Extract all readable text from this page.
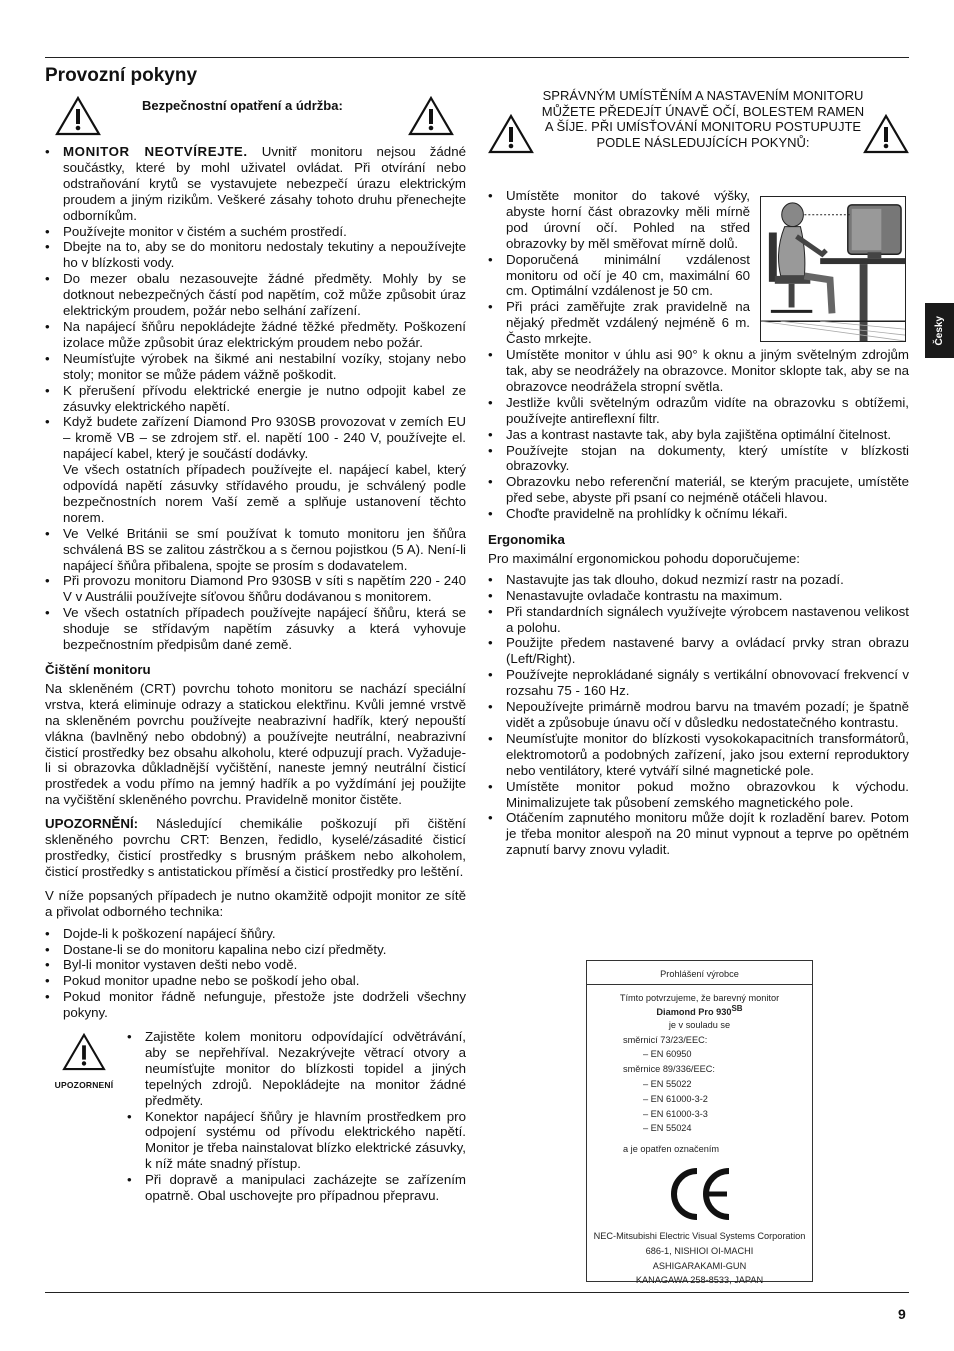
Provozní pokyny
Bezpečnostní opatření a údržba:
• MONITOR NEOTVÍREJTE. Uvnitř monitoru nejsou žádné součástky, které by mohl uživatel ovládat. Při otvírání nebo odstraňování krytů se vystavujete nebezpečí úrazu elektrickým proudem a jiným rizikům. Veškeré zásahy tohoto druhu přenechejte odborníkům.
• Používejte monitor v čistém a suchém prostředí.
• Dbejte na to, aby se do monitoru nedostaly tekutiny a nepoužívejte ho v blízkosti vody.
• Do mezer obalu nezasouvejte žádné předměty. Mohly by se dotknout nebezpečných částí pod napětím, což může způsobit úraz elektrickým proudem, požár nebo selhání zařízení.
• Na napájecí šňůru nepokládejte žádné těžké předměty. Poškození izolace může způsobit úraz elektrickým proudem nebo požár.
• Neumísťujte výrobek na šikmé ani nestabilní vozíky, stojany nebo stoly; monitor se může pádem vážně poškodit.
• K přerušení přívodu elektrické energie je nutno odpojit kabel ze zásuvky elektrického napětí.
• Když budete zařízení Diamond Pro 930SB provozovat v zemích EU – kromě VB – se zdrojem stř. el. napětí 100 - 240 V, používejte el. napájecí kabel, který je součástí dodávky.
Ve všech ostatních případech používejte el. napájecí kabel, který odpovídá napětí zásuvky střídavého proudu, je schválený podle bezpečnostních norem Vaší země a splňuje ustanovení těchto norem.
• Ve Velké Británii se smí používat k tomuto monitoru jen šňůra schválená BS se zalitou zástrčkou a s černou pojistkou (5 A). Není-li napájecí šňůra přibalena, spojte se prosím s dodavatelem.
• Při provozu monitoru Diamond Pro 930SB v síti s napětím 220 - 240 V v Austrálii používejte síťovou šňůru dodávanou s monitorem.
• Ve všech ostatních případech používejte napájecí šňůru, která se shoduje se střídavým napětím zásuvky a která vyhovuje bezpečnostním předpisům dané země.
Čištění monitoru

Na skleněném (CRT) povrchu tohoto monitoru se nachází speciální vrstva, která eliminuje odrazy a statickou elektřinu. Kvůli jemné vrstvě na skleněném povrchu používejte neabrazivní hadřík, který nepouští vlákna (bavlněný nebo obdobný) a používejte neutrální, neabrazivní čisticí prostředky bez obsahu alkoholu, které odpuzují prach. Vyžaduje-li si obrazovka důkladnější vyčištění, naneste jemný neutrální čisticí prostředek a vodu přímo na jemný hadřík a po vyždímání jej použijte na vyčištění skleněného povrchu. Pravidelně monitor čistěte.

UPOZORNĚNÍ: Následující chemikálie poškozují při čištění skleněného povrchu CRT: Benzen, ředidlo, kyselé/zásadité čisticí prostředky, čisticí prostředky s brusným práškem nebo alkoholem, čisticí prostředky s antistatickou příměsí a čisticí prostředky pro leštění.

V níže popsaných případech je nutno okamžitě odpojit monitor ze sítě a přivolat odborného technika:

• Dojde-li k poškození napájecí šňůry.
• Dostane-li se do monitoru kapalina nebo cizí předměty.
• Byl-li monitor vystaven dešti nebo vodě.
• Pokud monitor upadne nebo se poškodí jeho obal.
• Pokud monitor řádně nefunguje, přestože jste dodrželi všechny pokyny.
UPOZORNENÍ
• Zajistěte kolem monitoru odpovídající odvětrávání, aby se nepřehříval. Nezakrývejte větrací otvory a neumísťujte monitor do blízkosti topidel a jiných tepelných zdrojů. Nepokládejte na monitor žádné předměty.
• Konektor napájecí šňůry je hlavním prostředkem pro odpojení systému od přívodu elektrického napětí. Monitor je třeba nainstalovat blízko elektrické zásuvky, k níž máte snadný přístup.
• Při dopravě a manipulaci zacházejte se zařízením opatrně. Obal uschovejte pro případnou přepravu.
SPRÁVNÝM UMÍSTĚNÍM A NASTAVENÍM MONITORU MŮŽETE PŘEDEJÍT ÚNAVĚ OČÍ, BOLESTEM RAMEN A ŠÍJE. PŘI UMÍSŤOVÁNÍ MONITORU POSTUPUJTE PODLE NÁSLEDUJÍCÍCH POKYNŮ:
• Umístěte monitor do takové výšky, abyste horní část obrazovky měli mírně pod úrovní očí. Pohled na střed obrazovky by měl směřovat mírně dolů.
• Doporučená minimální vzdálenost monitoru od očí je 40 cm, maximální 60 cm. Optimální vzdálenost je 50 cm.
• Při práci zaměřujte zrak pravidelně na nějaký předmět vzdálený nejméně 6 m. Často mrkejte.
• Umístěte monitor v úhlu asi 90° k oknu a jiným světelným zdrojům tak, aby se neodrážely na obrazovce. Monitor sklopte tak, aby se na obrazovce neodrážela stropní světla.
• Jestliže kvůli světelným odrazům vidíte na obrazovku s obtížemi, používejte antireflexní filtr.
• Jas a kontrast nastavte tak, aby byla zajištěna optimální čitelnost.
• Používejte stojan na dokumenty, který umístíte v blízkosti obrazovky.
• Obrazovku nebo referenční materiál, se kterým pracujete, umístěte před sebe, abyste při psaní co nejméně otáčeli hlavou.
• Choďte pravidelně na prohlídky k očnímu lékaři.
Ergonomika

Pro maximální ergonomickou pohodu doporučujeme:

• Nastavujte jas tak dlouho, dokud nezmizí rastr na pozadí.
• Nenastavujte ovladače kontrastu na maximum.
• Při standardních signálech využívejte výrobcem nastavenou velikost a polohu.
• Použijte předem nastavené barvy a ovládací prvky stran obrazu (Left/Right).
• Používejte neprokládané signály s vertikální obnovovací frekvencí v rozsahu 75 - 160 Hz.
• Nepoužívejte primárně modrou barvu na tmavém pozadí; je špatně vidět a způsobuje únavu očí v důsledku nedostatečného kontrastu.
• Neumísťujte monitor do blízkosti vysokokapacitních transformátorů, elektromotorů a podobných zařízení, jako jsou externí reproduktory nebo ventilátory, které vytváří silné magnetické pole.
• Umístěte monitor pokud možno obrazovkou k východu. Minimalizujete tak působení zemského magnetického pole.
• Otáčením zapnutého monitoru může dojít k rozladění barev. Potom je třeba monitor alespoň na 20 minut vypnout a teprve po opětném zapnutí barvy znovu vyladit.
Prohlášení výrobce
Tímto potvrzujeme, že barevný monitor
Diamond Pro 930SB
je v souladu se
směrnicí 73/23/EEC:
– EN 60950
směrnice 89/336/EEC:
– EN 55022
– EN 61000-3-2
– EN 61000-3-3
– EN 55024
a je opatřen označením
NEC-Mitsubishi Electric Visual Systems Corporation
686-1, NISHIOI OI-MACHI
ASHIGARAKAMI-GUN
KANAGAWA 258-8533, JAPAN
Česky
9
